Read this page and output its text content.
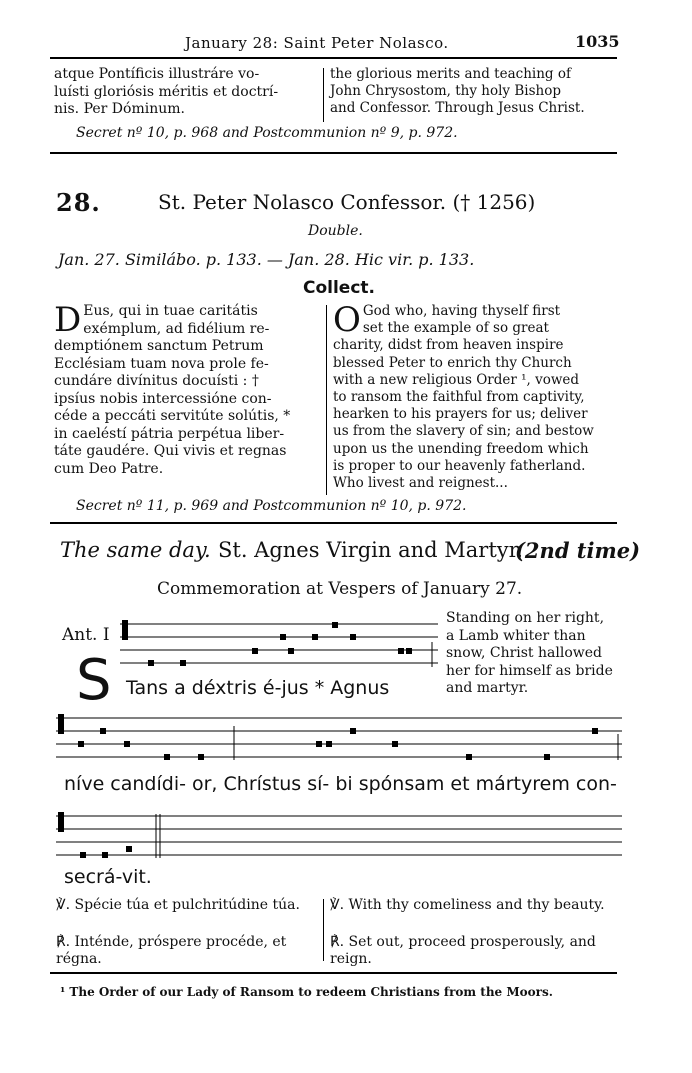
January 28: Saint Peter Nolasco.	1035
atque Pontíficis illustráre vo-
luísti gloriósis méritis et doctrí-
nis. Per Dóminum.
the glorious merits and teaching of
John Chrysostom, thy holy Bishop
and Confessor. Through Jesus Christ.
Secret nº 10, p. 968 and Postcommunion nº 9, p. 972.
28.	St. Peter Nolasco Confessor. († 1256)
Double.
Jan. 27. Similábo. p. 133. — Jan. 28. Hic vir. p. 133.
Collect.
D Eus, qui in tuae caritátis
exémplum, ad fidélium re-
demptiónem sanctum Petrum
Ecclésiam tuam nova prole fe-
cundáre divínitus docuísti : †
ipsíus nobis intercessióne con-
céde a peccáti servitúte solútis, *
in caeléstí pátria perpétua liber-
táte gaudére. Qui vivis et regnas
cum Deo Patre.
O God who, having thyself first
set the example of so great
charity, didst from heaven inspire
blessed Peter to enrich thy Church
with a new religious Order ¹, vowed
to ransom the faithful from captivity,
hearken to his prayers for us; deliver
us from the slavery of sin; and bestow
upon us the unending freedom which
is proper to our heavenly fatherland.
Who livest and reignest...
Secret nº 11, p. 969 and Postcommunion nº 10, p. 972.
The same day. St. Agnes Virgin and Martyr.
(2nd time)
Commemoration at Vespers of January 27.
Ant. I
S Tans a déxtris é-jus * Agnus
Standing on her right,
a Lamb whiter than
snow, Christ hallowed
her for himself as bride
and martyr.
níve candídi- or, Chrístus sí- bi spónsam et mártyrem con-
secrá-vit.
℣. Spécie túa et pulchritúdine túa.
℟. Inténde, próspere procéde, et régna.
℣. With thy comeliness and thy beauty.
℟. Set out, proceed prosperously, and reign.
¹ The Order of our Lady of Ransom to redeem Christians from the Moors.
